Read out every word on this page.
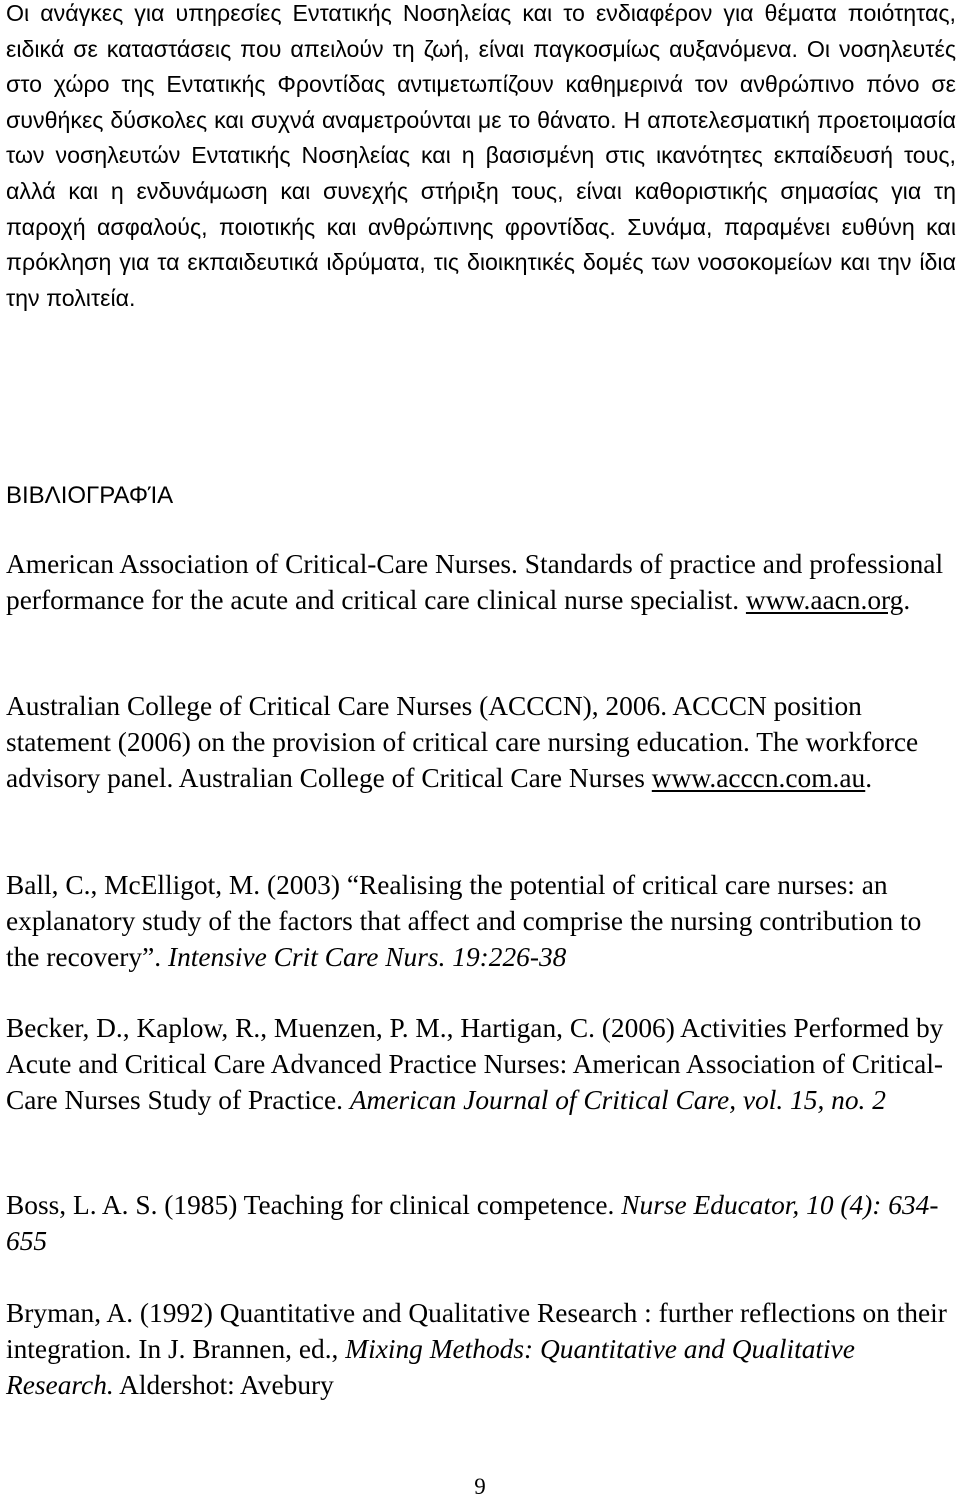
Οι ανάγκες για υπηρεσίες Εντατικής Νοσηλείας και το ενδιαφέρον για θέματα ποιότητας, ειδικά σε καταστάσεις που απειλούν τη ζωή, είναι παγκοσμίως αυξανόμενα. Οι νοσηλευτές στο χώρο της Εντατικής Φροντίδας αντιμετωπίζουν καθημερινά τον ανθρώπινο πόνο σε συνθήκες δύσκολες και συχνά αναμετρούνται με το θάνατο. Η αποτελεσματική προετοιμασία των νοσηλευτών Εντατικής Νοσηλείας και η βασισμένη στις ικανότητες εκπαίδευσή τους, αλλά και η ενδυνάμωση και συνεχής στήριξη τους, είναι καθοριστικής σημασίας για τη παροχή ασφαλούς, ποιοτικής και ανθρώπινης φροντίδας. Συνάμα, παραμένει ευθύνη και πρόκληση για τα εκπαιδευτικά ιδρύματα, τις διοικητικές δομές των νοσοκομείων και την ίδια την πολιτεία.

ΒΙΒΛΙΟΓΡΑΦΊΑ

American Association of Critical-Care Nurses. Standards of practice and professional performance for the acute and critical care clinical nurse specialist. www.aacn.org.

Australian College of Critical Care Nurses (ACCCN), 2006. ACCCN position statement (2006) on the provision of critical care nursing education. The workforce advisory panel. Australian College of Critical Care Nurses www.acccn.com.au.

Ball, C., McElligot, M. (2003) “Realising the potential of critical care nurses: an explanatory study of the factors that affect and comprise the nursing contribution to the recovery”. Intensive Crit Care Nurs. 19:226-38

Becker, D., Kaplow, R., Muenzen, P. M., Hartigan, C. (2006) Activities Performed by Acute and Critical Care Advanced Practice Nurses: American Association of Critical-Care Nurses Study of Practice. American Journal of Critical Care, vol. 15, no. 2

Boss, L. A. S. (1985) Teaching for clinical competence. Nurse Educator, 10 (4): 634-655

Bryman, A. (1992) Quantitative and Qualitative Research : further reflections on their integration. In J. Brannen, ed., Mixing Methods: Quantitative and Qualitative Research. Aldershot: Avebury

9
